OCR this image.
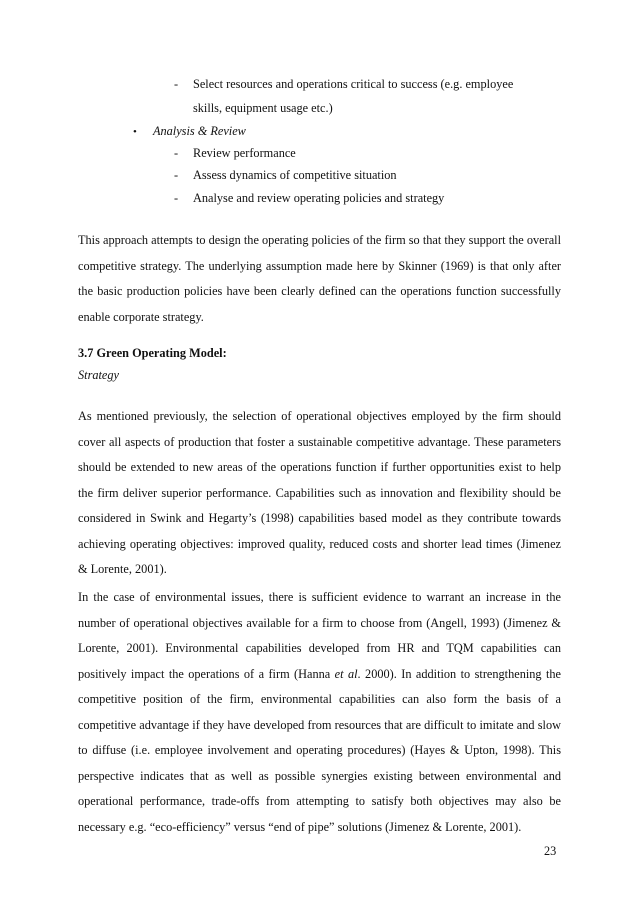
- Select resources and operations critical to success (e.g. employee
skills, equipment usage etc.)
• Analysis & Review
- Review performance
- Assess dynamics of competitive situation
- Analyse and review operating policies and strategy

This approach attempts to design the operating policies of the firm so that they support the overall competitive strategy. The underlying assumption made here by Skinner (1969) is that only after the basic production policies have been clearly defined can the operations function successfully enable corporate strategy.

3.7 Green Operating Model:
Strategy

As mentioned previously, the selection of operational objectives employed by the firm should cover all aspects of production that foster a sustainable competitive advantage. These parameters should be extended to new areas of the operations function if further opportunities exist to help the firm deliver superior performance. Capabilities such as innovation and flexibility should be considered in Swink and Hegarty’s (1998) capabilities based model as they contribute towards achieving operating objectives: improved quality, reduced costs and shorter lead times (Jimenez & Lorente, 2001).

In the case of environmental issues, there is sufficient evidence to warrant an increase in the number of operational objectives available for a firm to choose from (Angell, 1993) (Jimenez & Lorente, 2001). Environmental capabilities developed from HR and TQM capabilities can positively impact the operations of a firm (Hanna et al. 2000). In addition to strengthening the competitive position of the firm, environmental capabilities can also form the basis of a competitive advantage if they have developed from resources that are difficult to imitate and slow to diffuse (i.e. employee involvement and operating procedures) (Hayes & Upton, 1998). This perspective indicates that as well as possible synergies existing between environmental and operational performance, trade-offs from attempting to satisfy both objectives may also be necessary e.g. “eco-efficiency” versus “end of pipe” solutions (Jimenez & Lorente, 2001).

23
